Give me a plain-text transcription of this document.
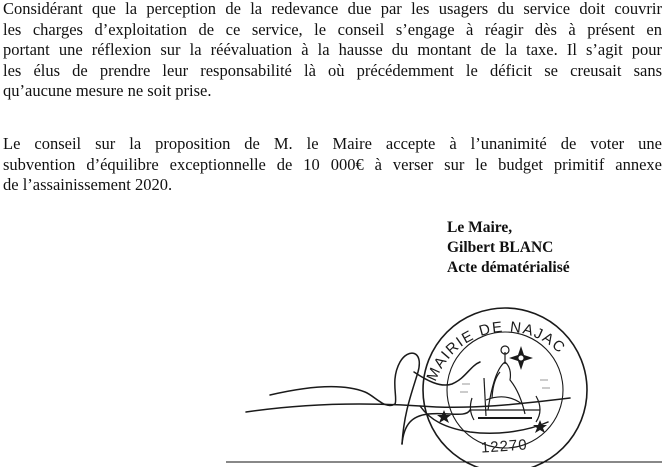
Considérant que la perception de la redevance due par les usagers du service doit couvrir
les charges d’exploitation de ce service, le conseil s’engage à réagir dès à présent en
portant une réflexion sur la réévaluation à la hausse du montant de la taxe. Il s’agit pour
les élus de prendre leur responsabilité là où précédemment le déficit se creusait sans
qu’aucune mesure ne soit prise.

Le conseil sur la proposition de M. le Maire accepte à l’unanimité de voter une
subvention d’équilibre exceptionnelle de 10 000€ à verser sur le budget primitif annexe
de l’assainissement 2020.

Le Maire,
Gilbert BLANC
Acte dématérialisé
MAIRIE DE NAJAC
12270
